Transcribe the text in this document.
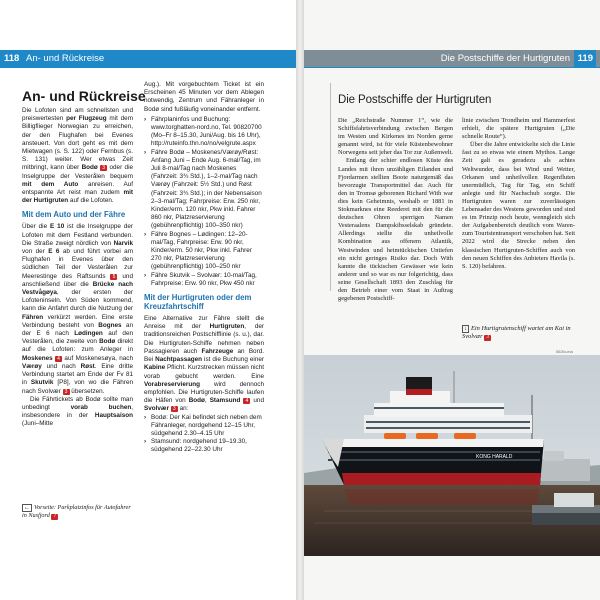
118 An- und Rückreise
An- und Rückreise

Die Lofoten sind am schnellsten und preiswertesten per Flugzeug mit dem Billigflieger Norwegian zu erreichen, der den Flughafen bei Evenes ansteuert. Von dort geht es mit dem Mietwagen (s. S. 122) oder Fernbus (s. S. 131) weiter. Wer etwas Zeit mitbringt, kann über Bodø 3 oder die Inselgruppe der Vesterålen bequem mit dem Auto anreisen. Auf entspannte Art reist man zudem mit der Hurtigruten auf die Lofoten.

Mit dem Auto und der Fähre

Über die E 10 ist die Inselgruppe der Lofoten mit dem Festland verbunden. Die Straße zweigt nördlich von Narvik von der E 6 ab und führt vorbei am Flughafen in Evenes über den südlichen Teil der Vesterålen zur Meerestinge des Raftsunds 5 und anschließend über die Brücke nach Vestvågøya, der ersten der Lofoteninseln. Von Süden kommend, kann die Anfahrt durch die Nutzung der Fähren verkürzt werden. Eine erste Verbindung besteht von Bognes an der E 6 nach Lødingen auf den Vesterålen, die zweite von Bodø direkt auf die Lofoten: zum Anleger in Moskenes 4 auf Moskenesøya, nach Værøy und nach Røst. Eine dritte Verbindung startet am Ende der Fv 81 in Skutvik [P8], von wo die Fähren nach Svolvær 3 übersetzen.

Die Fährtickets ab Bodø sollte man unbedingt vorab buchen, insbesondere in der Hauptsaison (Juni–Mitte

← Vorseite: Parkplatzinfos für Autofahrer in Nusfjord 7

Aug.). Mit vorgebuchtem Ticket ist ein Erscheinen 45 Minuten vor dem Ablegen notwendig, Zentrum und Fähranleger in Bodø sind fußläufig voneinander entfernt.

› Fährplaninfos und Buchung: www.torghatten-nord.no, Tel. 90820700 (Mo–Fr 8–15.30, Juni/Aug. bis 16 Uhr), http://ruteinfo.thn.no/no/velgrute.aspx

› Fähre Bodø – Moskenes/Værøy/Røst: Anfang Juni – Ende Aug. 6-mal/Tag, im Juli 8-mal/Tag nach Moskenes (Fahrzeit: 3¾ Std.), 1–2-mal/Tag nach Værøy (Fahrzeit: 5½ Std.) und Røst (Fahrzeit: 3¾ Std.); in der Nebensaison 2–3-mal/Tag; Fahrpreise: Erw. 250 nkr, Kinder/erm. 120 nkr, Pkw inkl. Fahrer 860 nkr, Platzreservierung (gebührenpflichtig) 100–350 nkr)

› Fähre Bognes – Lødingen: 12–20-mal/Tag, Fahrpreise: Erw. 90 nkr, Kinder/erm. 50 nkr, Pkw inkl. Fahrer 270 nkr, Platzreservierung (gebührenpflichtig) 100–250 nkr

› Fähre Skutvik – Svolvær: 10-mal/Tag, Fahrpreise: Erw. 90 nkr, Pkw 450 nkr

Mit der Hurtigruten oder dem Kreuzfahrtschiff

Eine Alternative zur Fähre stellt die Anreise mit der Hurtigruten, der traditionsreichen Postschifflinie (s. u.), dar. Die Hurtigruten-Schiffe nehmen neben Passagieren auch Fahrzeuge an Bord. Bei Nachtpassagen ist die Buchung einer Kabine Pflicht. Kurzstrecken müssen nicht vorab gebucht werden. Eine Vorabreservierung wird dennoch empfohlen. Die Hurtigruten-Schiffe laufen die Häfen von Bodø, Stamsund 4 und Svolvær 3 an:

› Bodø: Der Kai befindet sich neben dem Fähranleger, nordgehend 12–15 Uhr, südgehend 2.30–4.15 Uhr

› Stamsund: nordgehend 19–19.30, südgehend 22–22.30 Uhr

Die Postschiffe der Hurtigruten 119
Die Postschiffe der Hurtigruten

Die „Reichstraße Nummer 1“, wie die Schiffsfahrtsverbindung zwischen Bergen im Westen und Kirkenes im Norden gerne genannt wird, ist für viele Küstenbewohner Norwegens seit jeher das Tor zur Außenwelt.

Entlang der schier endlosen Küste des Landes mit ihren unzähligen Eilanden und Fjordarmen stellten Boote naturgemäß das bevorzugte Transportmittel dar. Auch für den in Tromsø geborenen Richard With war dies kein Geheimnis, weshalb er 1881 in Stokmarknes eine Reederei mit den für die deutschen Ohren sperrigen Namen Vesteraalens Dampskibsselskab gründete. Allerdings stellte die unheilvolle Kombination aus offenem Atlantik, Westwinden und heimtückischen Untiefen ein nicht geringes Risiko dar. Doch With kannte die tückischen Gewässer wie kein anderer und so war es nur folgerichtig, dass seine Gesellschaft 1893 den Zuschlag für den Betrieb einer vom Staat in Auftrag gegebenen Postschiff-

linie zwischen Trondheim und Hammerfest erhielt, die spätere Hurtigruten („Die schnelle Route“).

Über die Jahre entwickelte sich die Linie fast zu so etwas wie einem Mythos. Lange Zeit galt es geradezu als achtes Weltwunder, dass bei Wind und Wetter, Orkanen und unheilvollen Regenfluten unermüdlich, Tag für Tag, ein Schiff anlegte und für Nachschub sorgte. Die Hurtigruten waren zur zuverlässigen Lebensader des Westens geworden und sind es im Prinzip noch heute, wenngleich sich der Aufgabenbereich deutlich vom Waren- zum Touristentransport verschoben hat. Seit 2022 wird die Strecke neben den klassischen Hurtigruten-Schiffen auch von den neuen Schiffen des Anbieters Havila (s. S. 120) befahren.

↓ Ein Hurtigrutenschiff wartet am Kai in Svolvær 3
062lo-ma
KONG HARALD
